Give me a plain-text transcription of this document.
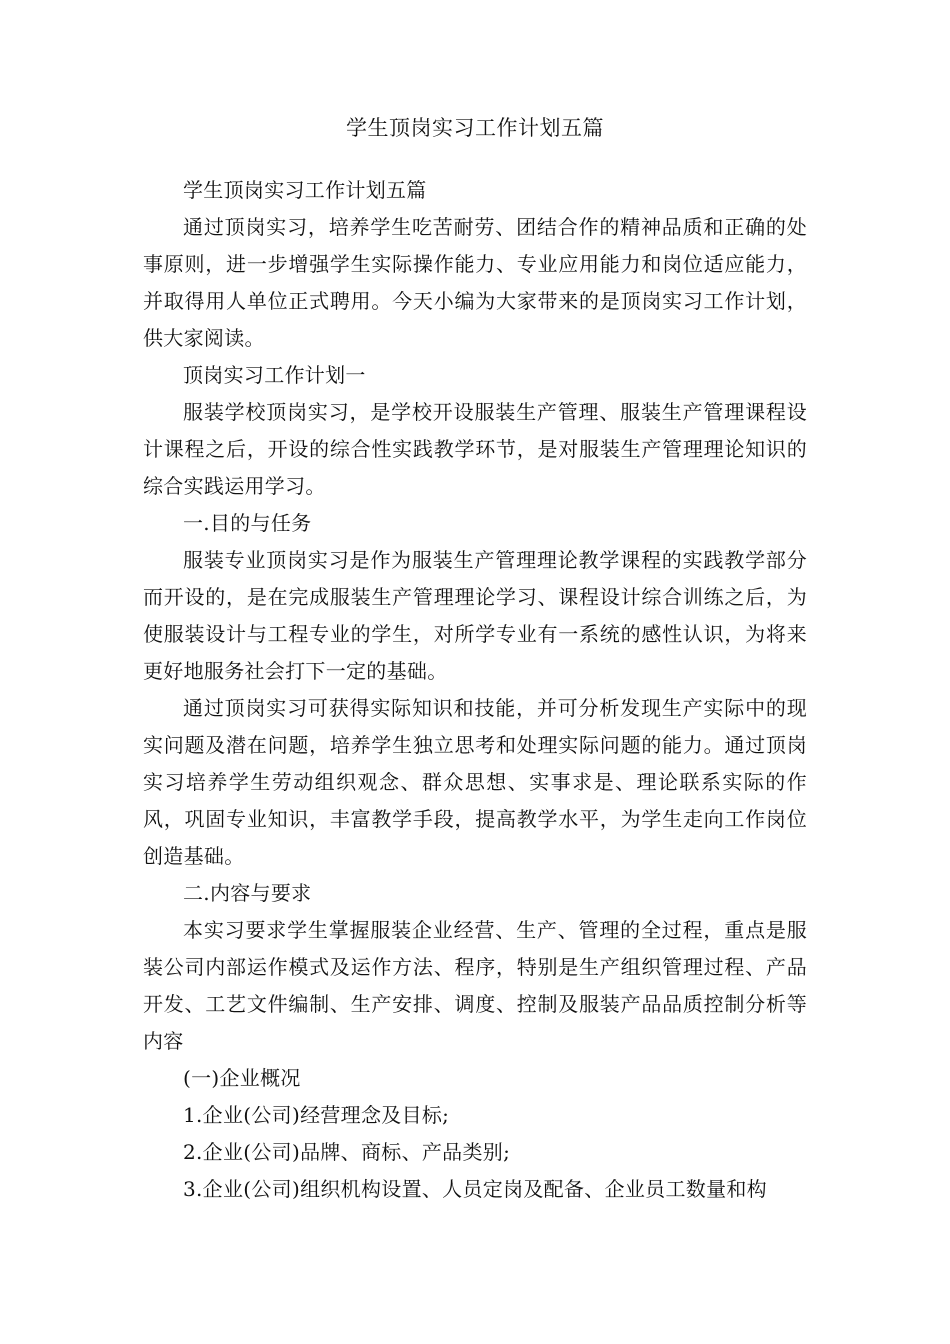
学生顶岗实习工作计划五篇

学生顶岗实习工作计划五篇

通过顶岗实习，培养学生吃苦耐劳、团结合作的精神品质和正确的处事原则，进一步增强学生实际操作能力、专业应用能力和岗位适应能力，并取得用人单位正式聘用。今天小编为大家带来的是顶岗实习工作计划，供大家阅读。

顶岗实习工作计划一

服装学校顶岗实习，是学校开设服装生产管理、服装生产管理课程设计课程之后，开设的综合性实践教学环节，是对服装生产管理理论知识的综合实践运用学习。

一.目的与任务

服装专业顶岗实习是作为服装生产管理理论教学课程的实践教学部分而开设的，是在完成服装生产管理理论学习、课程设计综合训练之后，为使服装设计与工程专业的学生，对所学专业有一系统的感性认识，为将来更好地服务社会打下一定的基础。

通过顶岗实习可获得实际知识和技能，并可分析发现生产实际中的现实问题及潜在问题，培养学生独立思考和处理实际问题的能力。通过顶岗实习培养学生劳动组织观念、群众思想、实事求是、理论联系实际的作风，巩固专业知识，丰富教学手段，提高教学水平，为学生走向工作岗位创造基础。

二.内容与要求

本实习要求学生掌握服装企业经营、生产、管理的全过程，重点是服装公司内部运作模式及运作方法、程序，特别是生产组织管理过程、产品开发、工艺文件编制、生产安排、调度、控制及服装产品品质控制分析等内容

(一)企业概况

1.企业(公司)经营理念及目标;

2.企业(公司)品牌、商标、产品类别;

3.企业(公司)组织机构设置、人员定岗及配备、企业员工数量和构
